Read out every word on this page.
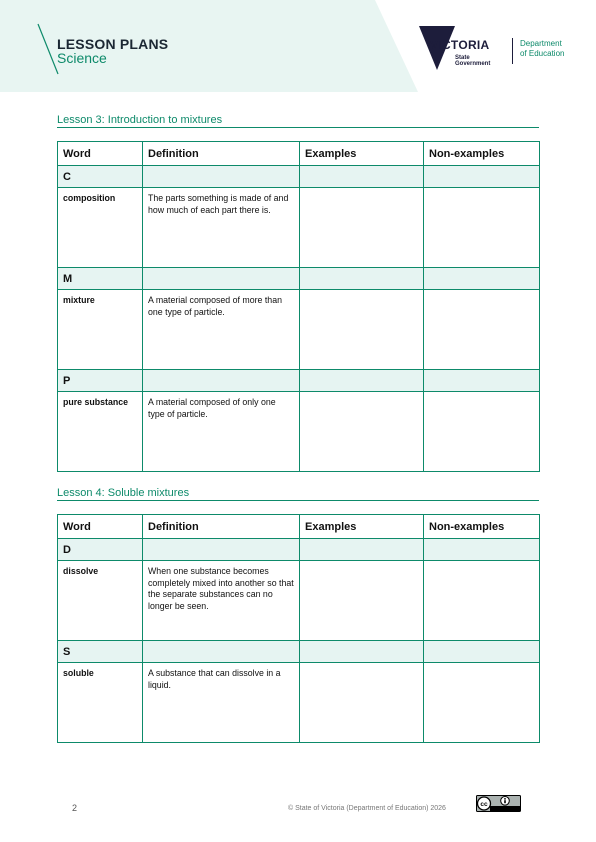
LESSON PLANS
Science
VICTORIA
State
Government
Department
of Education
Lesson 3: Introduction to mixtures
Word	Definition	Examples	Non-examples
C			
composition	The parts something is made of and how much of each part there is.		
M			
mixture	A material composed of more than one type of particle.		
P			
pure substance	A material composed of only one type of particle.		
Lesson 4: Soluble mixtures
Word	Definition	Examples	Non-examples
D			
dissolve	When one substance becomes completely mixed into another so that the separate substances can no longer be seen.		
S			
soluble	A substance that can dissolve in a liquid.		
2	© State of Victoria (Department of Education) 2026
cc
